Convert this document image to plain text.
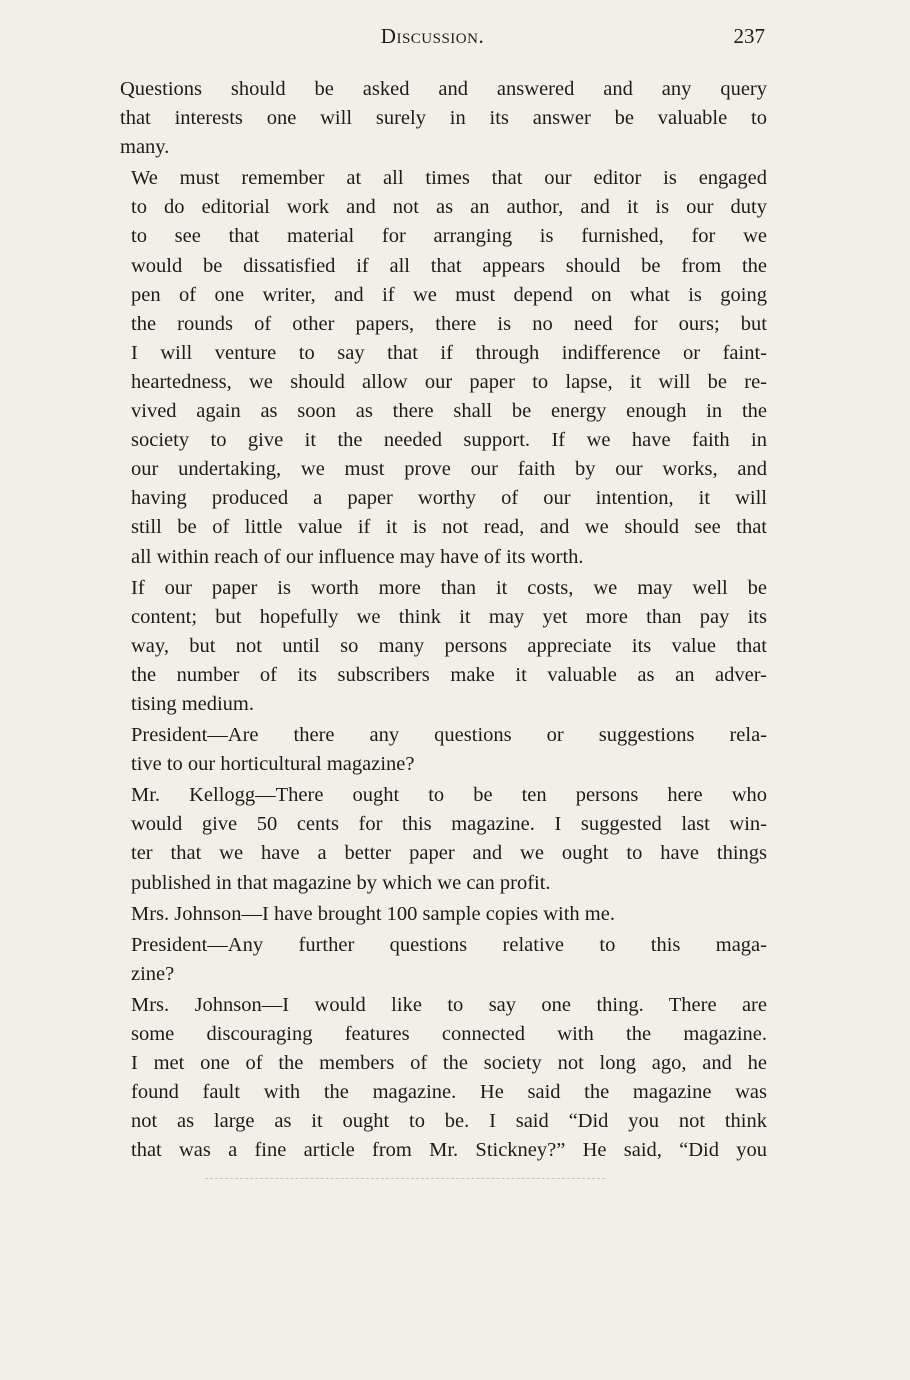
Discussion.	237

Questions should be asked and answered and any query
that interests one will surely in its answer be valuable to
many.

We must remember at all times that our editor is engaged
to do editorial work and not as an author, and it is our duty
to see that material for arranging is furnished, for we
would be dissatisfied if all that appears should be from the
pen of one writer, and if we must depend on what is going
the rounds of other papers, there is no need for ours; but
I will venture to say that if through indifference or faint-
heartedness, we should allow our paper to lapse, it will be re-
vived again as soon as there shall be energy enough in the
society to give it the needed support. If we have faith in
our undertaking, we must prove our faith by our works, and
having produced a paper worthy of our intention, it will
still be of little value if it is not read, and we should see that
all within reach of our influence may have of its worth.

If our paper is worth more than it costs, we may well be
content; but hopefully we think it may yet more than pay its
way, but not until so many persons appreciate its value that
the number of its subscribers make it valuable as an adver-
tising medium.

President—Are there any questions or suggestions rela-
tive to our horticultural magazine?

Mr. Kellogg—There ought to be ten persons here who
would give 50 cents for this magazine. I suggested last win-
ter that we have a better paper and we ought to have things
published in that magazine by which we can profit.

Mrs. Johnson—I have brought 100 sample copies with me.

President—Any further questions relative to this maga-
zine?

Mrs. Johnson—I would like to say one thing. There are
some discouraging features connected with the magazine.
I met one of the members of the society not long ago, and he
found fault with the magazine. He said the magazine was
not as large as it ought to be. I said “Did you not think
that was a fine article from Mr. Stickney?” He said, “Did you
